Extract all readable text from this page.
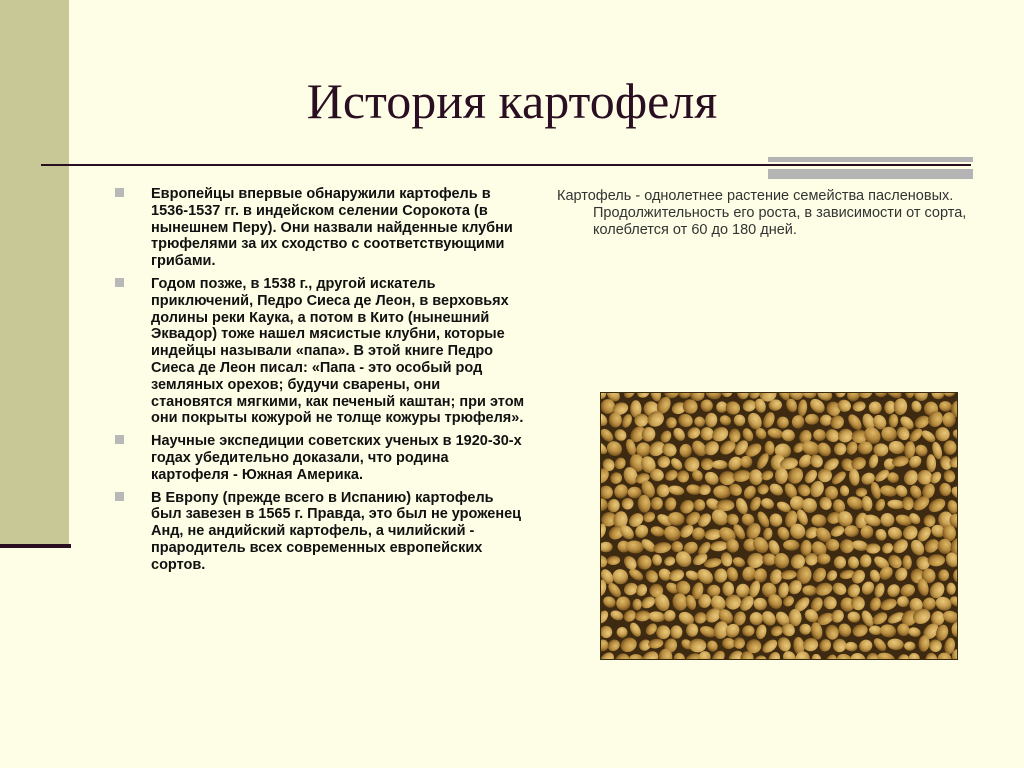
История картофеля
Европейцы впервые обнаружили картофель в 1536-1537 гг. в индейском селении Сорокота (в нынешнем Перу). Они назвали найденные клубни трюфелями за их сходство с соответствующими грибами.
Годом позже, в 1538 г., другой искатель приключений, Педро Сиеса де Леон, в верховьях долины реки Каука, а потом в Кито (нынешний Эквадор) тоже нашел мясистые клубни, которые индейцы называли «папа». В этой книге Педро Сиеса де Леон писал: «Папа - это особый род земляных орехов; будучи сварены, они становятся мягкими, как печеный каштан; при этом они покрыты кожурой не толще кожуры трюфеля».
Научные экспедиции советских ученых в 1920-30-х годах убедительно доказали, что родина картофеля - Южная Америка.
В Европу (прежде всего в Испанию) картофель был завезен в 1565 г. Правда, это был не уроженец Анд, не андийский картофель, а чилийский - прародитель всех современных европейских сортов.
Картофель - однолетнее растение семейства пасленовых. Продолжительность его роста, в зависимости от сорта, колеблется от 60 до 180 дней.
